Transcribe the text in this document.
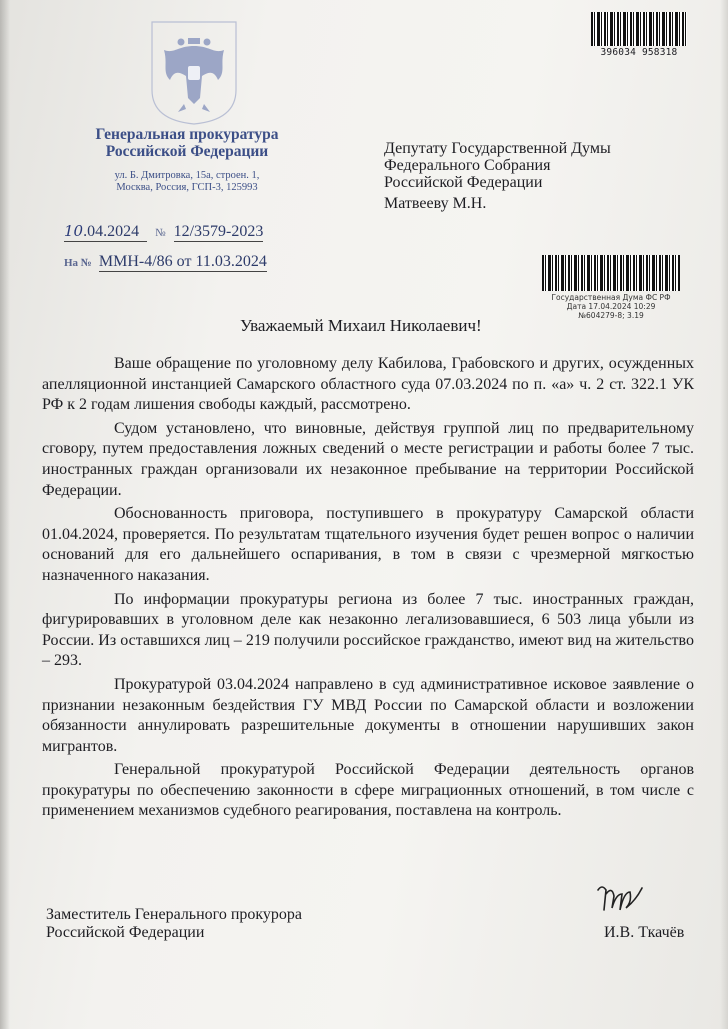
Генеральная прокуратура
Российской Федерации
ул. Б. Дмитровка, 15а, строен. 1,
Москва, Россия, ГСП-3, 125993
10.04.2024 № 12/3579-2023
На № ММН-4/86 от 11.03.2024
396034 958318
Депутату Государственной Думы
Федерального Собрания
Российской Федерации
Матвееву М.Н.
Государственная Дума ФС РФ
Дата 17.04.2024 10:29
№604279-8; 3.19
Уважаемый Михаил Николаевич!

Ваше обращение по уголовному делу Кабилова, Грабовского и других, осужденных апелляционной инстанцией Самарского областного суда 07.03.2024 по п. «а» ч. 2 ст. 322.1 УК РФ к 2 годам лишения свободы каждый, рассмотрено.

Судом установлено, что виновные, действуя группой лиц по предварительному сговору, путем предоставления ложных сведений о месте регистрации и работы более 7 тыс. иностранных граждан организовали их незаконное пребывание на территории Российской Федерации.

Обоснованность приговора, поступившего в прокуратуру Самарской области 01.04.2024, проверяется. По результатам тщательного изучения будет решен вопрос о наличии оснований для его дальнейшего оспаривания, в том в связи с чрезмерной мягкостью назначенного наказания.

По информации прокуратуры региона из более 7 тыс. иностранных граждан, фигурировавших в уголовном деле как незаконно легализовавшиеся, 6 503 лица убыли из России. Из оставшихся лиц – 219 получили российское гражданство, имеют вид на жительство – 293.

Прокуратурой 03.04.2024 направлено в суд административное исковое заявление о признании незаконным бездействия ГУ МВД России по Самарской области и возложении обязанности аннулировать разрешительные документы в отношении нарушивших закон мигрантов.

Генеральной прокуратурой Российской Федерации деятельность органов прокуратуры по обеспечению законности в сфере миграционных отношений, в том числе с применением механизмов судебного реагирования, поставлена на контроль.

Заместитель Генерального прокурора
Российской Федерации	И.В. Ткачёв
